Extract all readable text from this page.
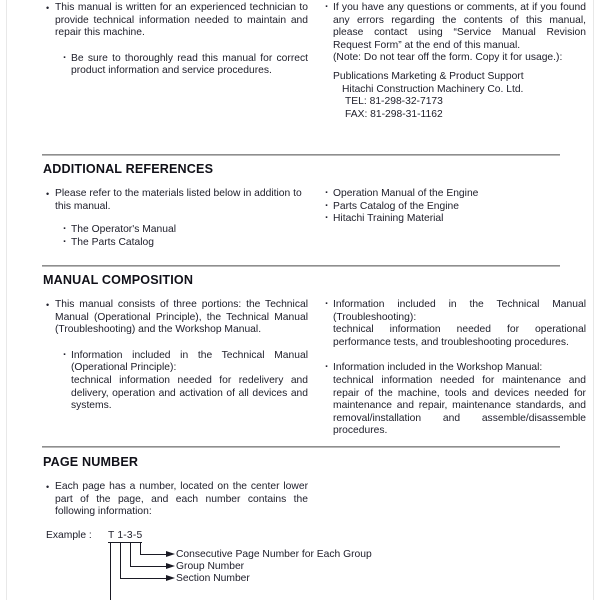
• This manual is written for an experienced technician to provide technical information needed to maintain and repair this machine.
· Be sure to thoroughly read this manual for correct product information and service procedures.
· If you have any questions or comments, at if you found any errors regarding the contents of this manual, please contact using “Service Manual Revision Request Form” at the end of this manual.
(Note: Do not tear off the form. Copy it for usage.):
Publications Marketing & Product Support
Hitachi Construction Machinery Co. Ltd.
TEL: 81-298-32-7173
FAX: 81-298-31-1162
ADDITIONAL REFERENCES
• Please refer to the materials listed below in addition to this manual.
· The Operator's Manual
· The Parts Catalog
· Operation Manual of the Engine
· Parts Catalog of the Engine
· Hitachi Training Material
MANUAL COMPOSITION
• This manual consists of three portions: the Technical Manual (Operational Principle), the Technical Manual (Troubleshooting) and the Workshop Manual.
· Information included in the Technical Manual (Operational Principle):
technical information needed for redelivery and delivery, operation and activation of all devices and systems.
· Information included in the Technical Manual (Troubleshooting):
technical information needed for operational performance tests, and troubleshooting procedures.
· Information included in the Workshop Manual:
technical information needed for maintenance and repair of the machine, tools and devices needed for maintenance and repair, maintenance standards, and removal/installation and assemble/disassemble procedures.
PAGE NUMBER
• Each page has a number, located on the center lower part of the page, and each number contains the following information:
Example : T 1-3-5
Consecutive Page Number for Each Group
Group Number
Section Number
